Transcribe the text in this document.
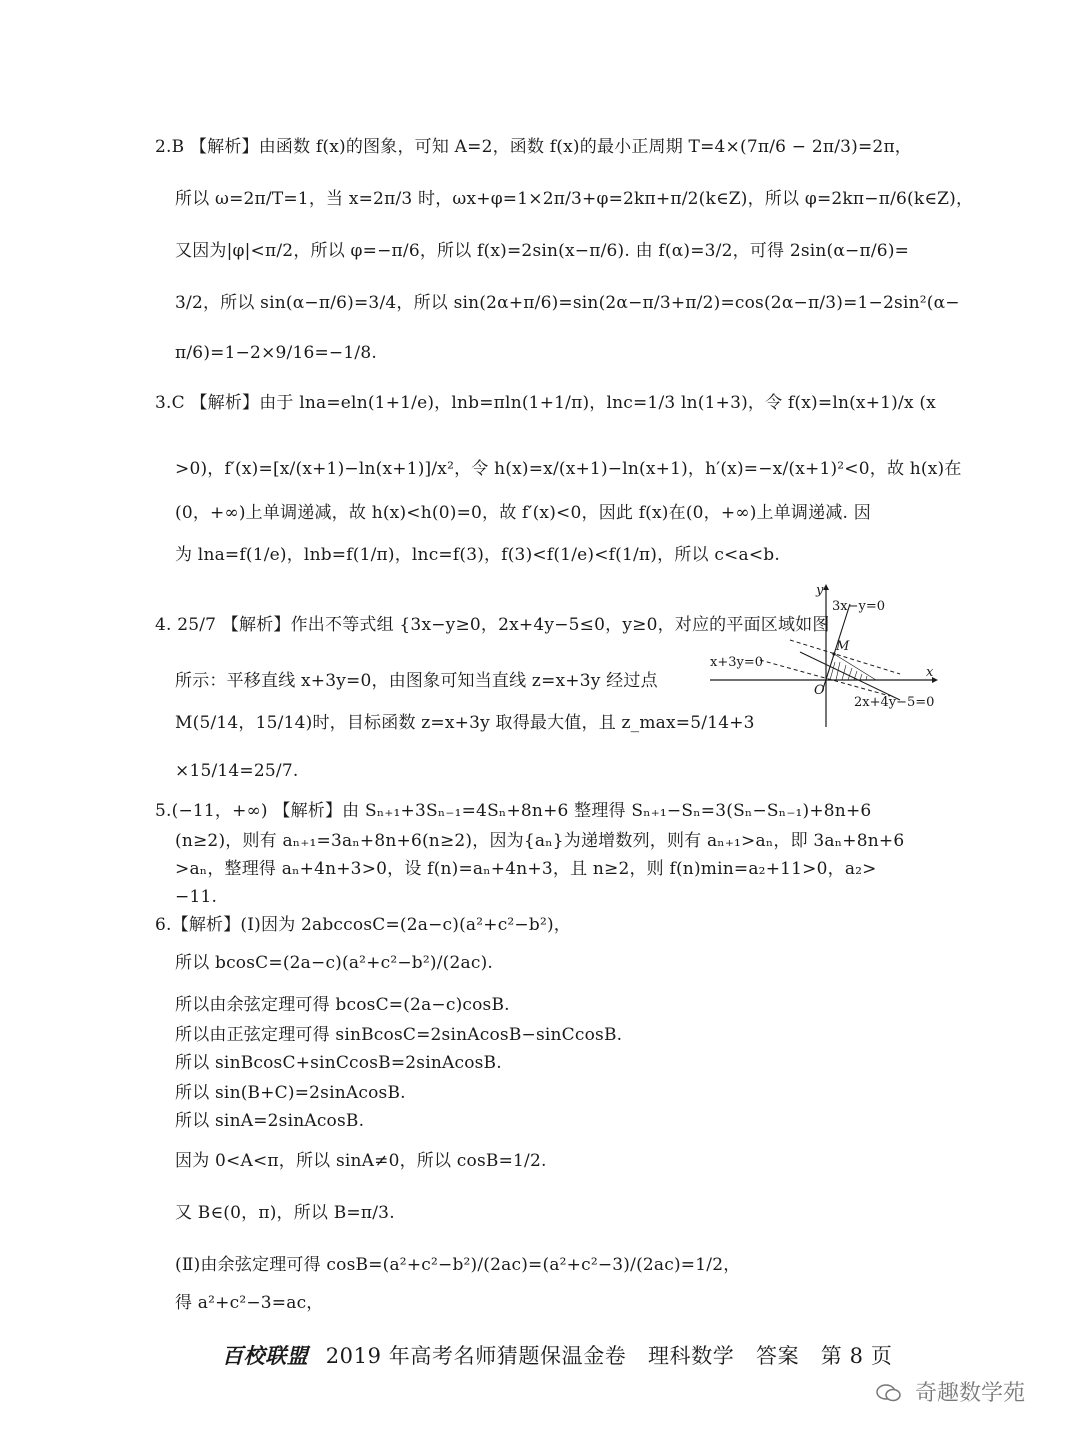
2.B 【解析】由函数 f(x)的图象，可知 A=2，函数 f(x)的最小正周期 T=4×(7π/6 − 2π/3)=2π，
所以 ω=2π/T=1，当 x=2π/3 时，ωx+φ=1×2π/3+φ=2kπ+π/2(k∈Z)，所以 φ=2kπ−π/6(k∈Z)，
又因为|φ|<π/2，所以 φ=−π/6，所以 f(x)=2sin(x−π/6). 由 f(α)=3/2，可得 2sin(α−π/6)=
3/2，所以 sin(α−π/6)=3/4，所以 sin(2α+π/6)=sin(2α−π/3+π/2)=cos(2α−π/3)=1−2sin²(α−
π/6)=1−2×9/16=−1/8.
3.C 【解析】由于 lna=eln(1+1/e)，lnb=πln(1+1/π)，lnc=1/3 ln(1+3)，令 f(x)=ln(x+1)/x (x
>0)，f′(x)=[x/(x+1)−ln(x+1)]/x²，令 h(x)=x/(x+1)−ln(x+1)，h′(x)=−x/(x+1)²<0，故 h(x)在
(0，+∞)上单调递减，故 h(x)<h(0)=0，故 f′(x)<0，因此 f(x)在(0，+∞)上单调递减. 因
为 lna=f(1/e)，lnb=f(1/π)，lnc=f(3)，f(3)<f(1/e)<f(1/π)，所以 c<a<b.
4. 25/7 【解析】作出不等式组 {3x−y≥0，2x+4y−5≤0，y≥0，对应的平面区域如图
所示：平移直线 x+3y=0，由图象可知当直线 z=x+3y 经过点
M(5/14，15/14)时，目标函数 z=x+3y 取得最大值，且 z_max=5/14+3
×15/14=25/7.
5.(−11，+∞) 【解析】由 Sₙ₊₁+3Sₙ₋₁=4Sₙ+8n+6 整理得 Sₙ₊₁−Sₙ=3(Sₙ−Sₙ₋₁)+8n+6
(n≥2)，则有 aₙ₊₁=3aₙ+8n+6(n≥2)，因为{aₙ}为递增数列，则有 aₙ₊₁>aₙ，即 3aₙ+8n+6
>aₙ，整理得 aₙ+4n+3>0，设 f(n)=aₙ+4n+3，且 n≥2，则 f(n)min=a₂+11>0，a₂>
−11.
6.【解析】(Ⅰ)因为 2abccosC=(2a−c)(a²+c²−b²)，
所以 bcosC=(2a−c)(a²+c²−b²)/(2ac).
所以由余弦定理可得 bcosC=(2a−c)cosB.
所以由正弦定理可得 sinBcosC=2sinAcosB−sinCcosB.
所以 sinBcosC+sinCcosB=2sinAcosB.
所以 sin(B+C)=2sinAcosB.
所以 sinA=2sinAcosB.
因为 0<A<π，所以 sinA≠0，所以 cosB=1/2.
又 B∈(0，π)，所以 B=π/3.
(Ⅱ)由余弦定理可得 cosB=(a²+c²−b²)/(2ac)=(a²+c²−3)/(2ac)=1/2，
得 a²+c²−3=ac，
y
x
O
M
3x−y=0
x+3y=0
2x+4y−5=0
百校联盟 2019 年高考名师猜题保温金卷　理科数学　答案　第 8 页
奇趣数学苑
